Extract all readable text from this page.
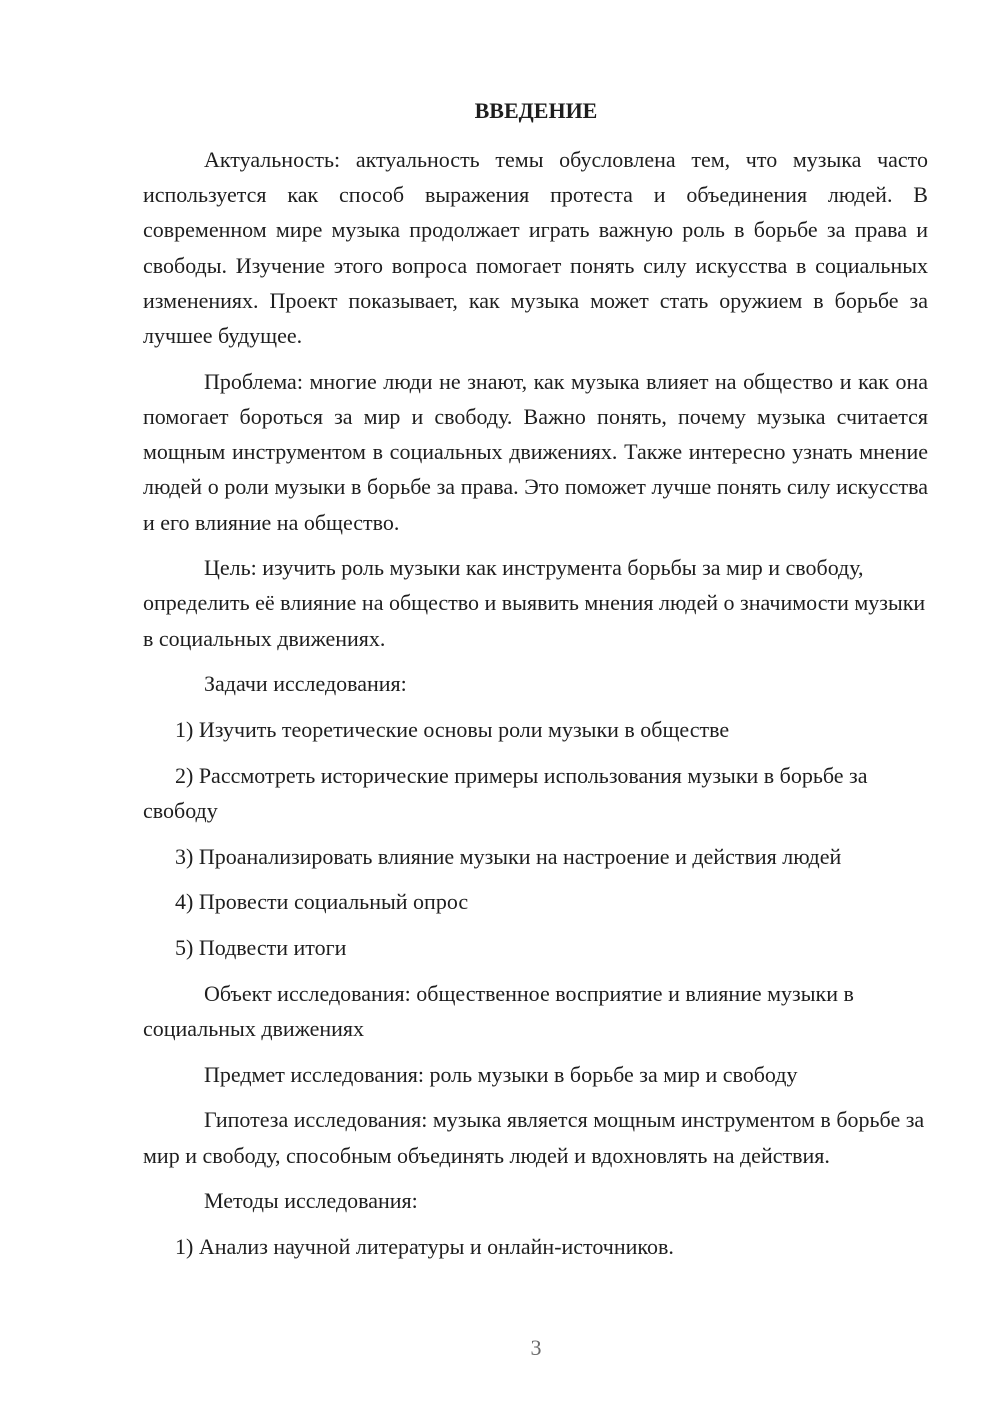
ВВЕДЕНИЕ

Актуальность: актуальность темы обусловлена тем, что музыка часто используется как способ выражения протеста и объединения людей. В современном мире музыка продолжает играть важную роль в борьбе за права и свободы. Изучение этого вопроса помогает понять силу искусства в социальных изменениях. Проект показывает, как музыка может стать оружием в борьбе за лучшее будущее.

Проблема: многие люди не знают, как музыка влияет на общество и как она помогает бороться за мир и свободу. Важно понять, почему музыка считается мощным инструментом в социальных движениях. Также интересно узнать мнение людей о роли музыки в борьбе за права. Это поможет лучше понять силу искусства и его влияние на общество.

Цель: изучить роль музыки как инструмента борьбы за мир и свободу, определить её влияние на общество и выявить мнения людей о значимости музыки в социальных движениях.

Задачи исследования:

1) Изучить теоретические основы роли музыки в обществе

2) Рассмотреть исторические примеры использования музыки в борьбе за свободу

3) Проанализировать влияние музыки на настроение и действия людей

4) Провести социальный опрос

5) Подвести итоги

Объект исследования: общественное восприятие и влияние музыки в социальных движениях

Предмет исследования: роль музыки в борьбе за мир и свободу

Гипотеза исследования: музыка является мощным инструментом в борьбе за мир и свободу, способным объединять людей и вдохновлять на действия.

Методы исследования:

1) Анализ научной литературы и онлайн-источников.

3
